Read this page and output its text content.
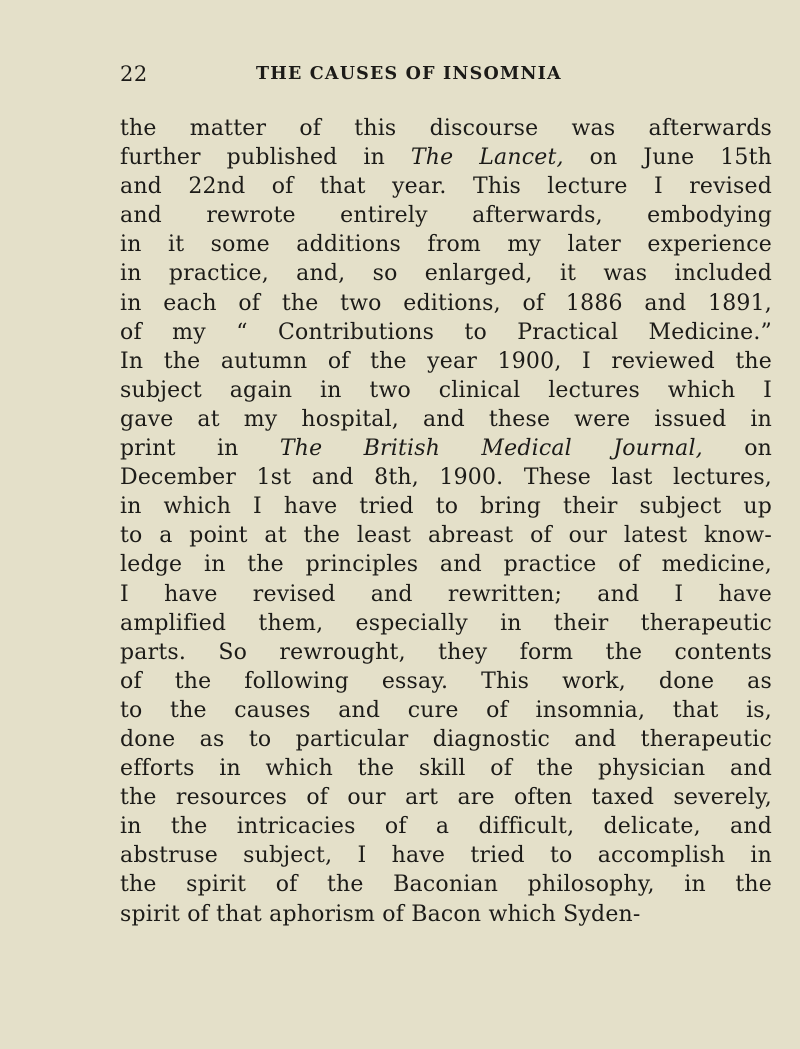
22	THE CAUSES OF INSOMNIA
the matter of this discourse was afterwards
further published in The Lancet, on June 15th
and 22nd of that year. This lecture I revised
and rewrote entirely afterwards, embodying
in it some additions from my later experience
in practice, and, so enlarged, it was included
in each of the two editions, of 1886 and 1891,
of my “ Contributions to Practical Medicine.”
In the autumn of the year 1900, I reviewed the
subject again in two clinical lectures which I
gave at my hospital, and these were issued in
print in The British Medical Journal, on
December 1st and 8th, 1900. These last lectures,
in which I have tried to bring their subject up
to a point at the least abreast of our latest know-
ledge in the principles and practice of medicine,
I have revised and rewritten; and I have
amplified them, especially in their therapeutic
parts. So rewrought, they form the contents
of the following essay. This work, done as
to the causes and cure of insomnia, that is,
done as to particular diagnostic and therapeutic
efforts in which the skill of the physician and
the resources of our art are often taxed severely,
in the intricacies of a difficult, delicate, and
abstruse subject, I have tried to accomplish in
the spirit of the Baconian philosophy, in the
spirit of that aphorism of Bacon which Syden-
